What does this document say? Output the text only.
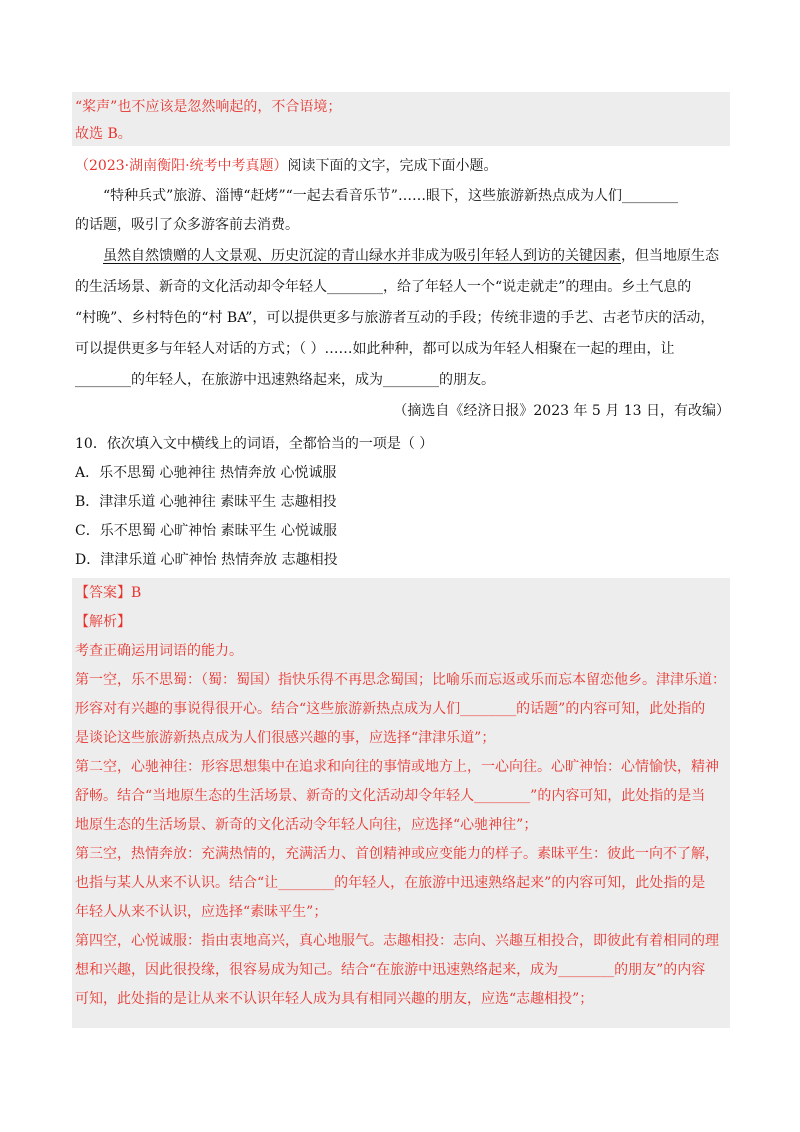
“桨声”也不应该是忽然响起的，不合语境；
故选 B。
（2023·湖南衡阳·统考中考真题）阅读下面的文字，完成下面小题。
“特种兵式”旅游、淄博“赶烤”“一起去看音乐节”……眼下，这些旅游新热点成为人们________
的话题，吸引了众多游客前去消费。
虽然自然馈赠的人文景观、历史沉淀的青山绿水并非成为吸引年轻人到访的关键因素，但当地原生态
的生活场景、新奇的文化活动却令年轻人________，给了年轻人一个“说走就走”的理由。乡土气息的
“村晚”、乡村特色的“村 BA”，可以提供更多与旅游者互动的手段；传统非遗的手艺、古老节庆的活动，
可以提供更多与年轻人对话的方式；（ ）……如此种种，都可以成为年轻人相聚在一起的理由，让
________的年轻人，在旅游中迅速熟络起来，成为________的朋友。
（摘选自《经济日报》2023 年 5 月 13 日，有改编）
10．依次填入文中横线上的词语，全都恰当的一项是（ ）
A．乐不思蜀 心驰神往 热情奔放 心悦诚服
B．津津乐道 心驰神往 素昧平生 志趣相投
C．乐不思蜀 心旷神怡 素昧平生 心悦诚服
D．津津乐道 心旷神怡 热情奔放 志趣相投
【答案】B
【解析】
考查正确运用词语的能力。
第一空，乐不思蜀：（蜀：蜀国）指快乐得不再思念蜀国；比喻乐而忘返或乐而忘本留恋他乡。津津乐道：
形容对有兴趣的事说得很开心。结合“这些旅游新热点成为人们________的话题”的内容可知，此处指的
是谈论这些旅游新热点成为人们很感兴趣的事，应选择“津津乐道”；
第二空，心驰神往：形容思想集中在追求和向往的事情或地方上，一心向往。心旷神怡：心情愉快，精神
舒畅。结合“当地原生态的生活场景、新奇的文化活动却令年轻人________”的内容可知，此处指的是当
地原生态的生活场景、新奇的文化活动令年轻人向往，应选择“心驰神往”；
第三空，热情奔放：充满热情的，充满活力、首创精神或应变能力的样子。素昧平生：彼此一向不了解，
也指与某人从来不认识。结合“让________的年轻人，在旅游中迅速熟络起来”的内容可知，此处指的是
年轻人从来不认识，应选择“素昧平生”；
第四空，心悦诚服：指由衷地高兴，真心地服气。志趣相投：志向、兴趣互相投合，即彼此有着相同的理
想和兴趣，因此很投缘，很容易成为知己。结合“在旅游中迅速熟络起来，成为________的朋友”的内容
可知，此处指的是让从来不认识年轻人成为具有相同兴趣的朋友，应选“志趣相投”；
